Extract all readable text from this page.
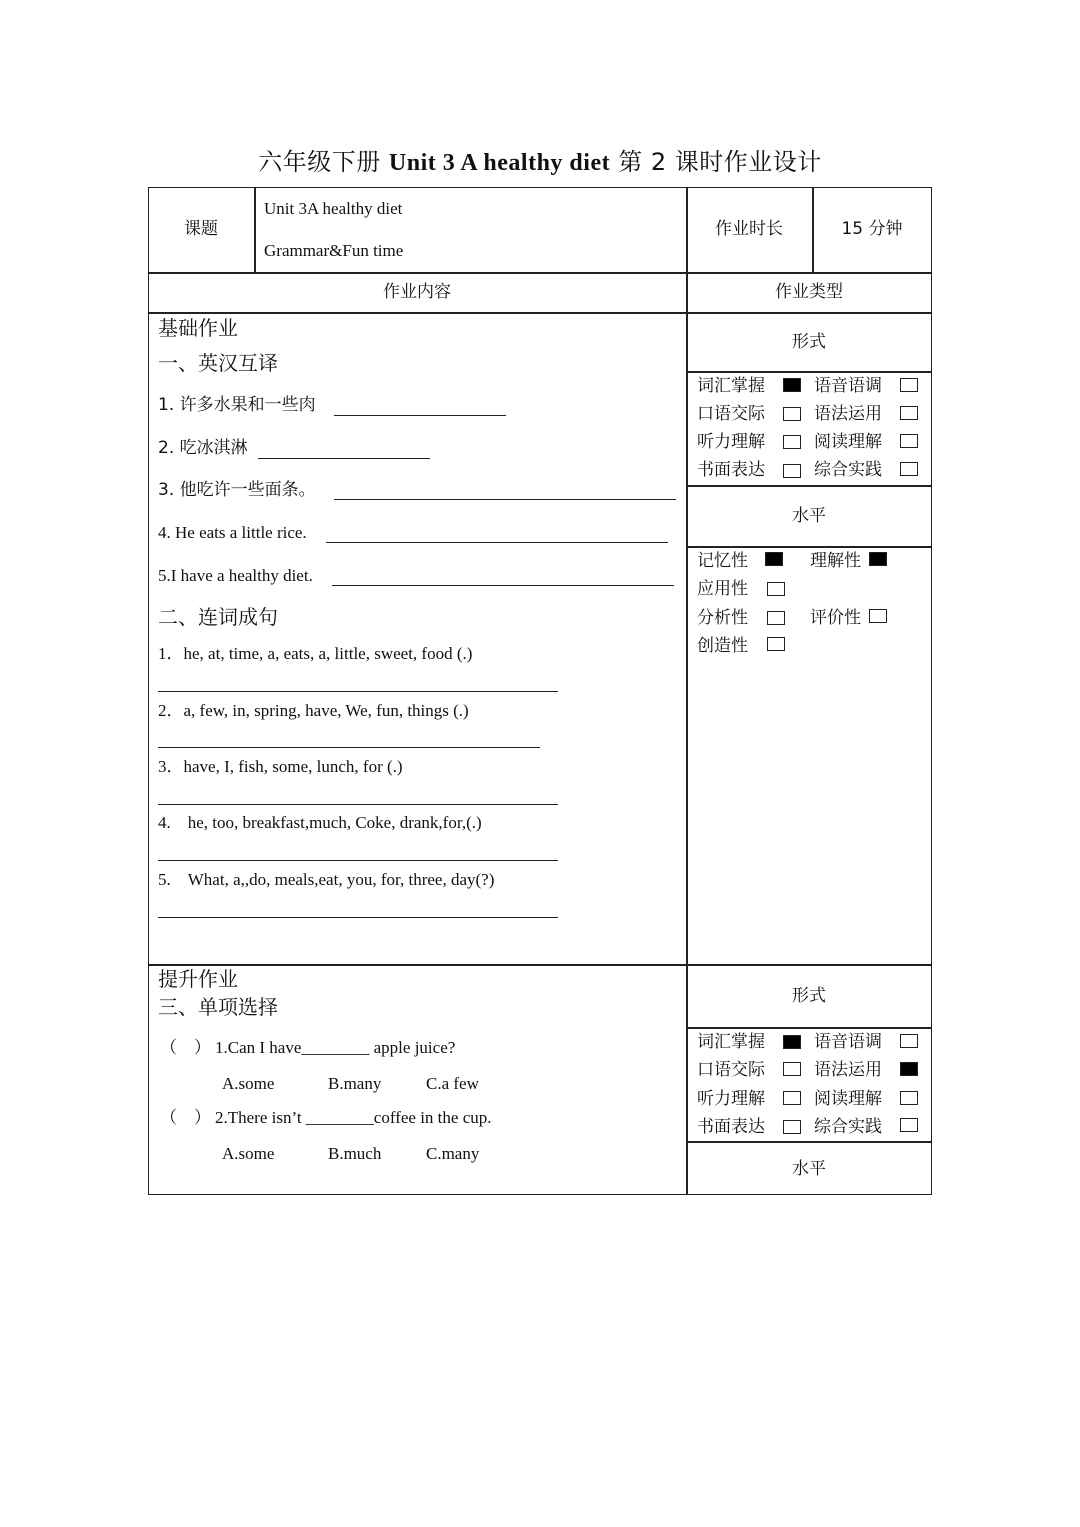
六年级下册 Unit 3 A healthy diet 第 2 课时作业设计
课题
Unit 3A healthy diet
Grammar&Fun time
作业时长	15 分钟
作业内容	作业类型
基础作业
一、英汉互译
1. 许多水果和一些肉
2. 吃冰淇淋
3. 他吃许一些面条。
4. He eats a little rice.
5.I have a healthy diet.
二、连词成句
1．he, at, time, a, eats, a, little, sweet, food (.)
2．a, few, in, spring, have, We, fun, things (.)
3．have, I, fish, some, lunch, for (.)
4.　he, too, breakfast,much, Coke, drank,for,(.)
5.　What, a,,do, meals,eat, you, for, three, day(?)
提升作业
三、单项选择
（　） 1.Can I have________ apple juice?
A.some	B.many	C.a few
（　） 2.There isn’t ________coffee in the cup.
A.some	B.much	C.many
形式
词汇掌握	语音语调
口语交际	语法运用
听力理解	阅读理解
书面表达	综合实践
水平
记忆性	理解性
应用性
分析性	评价性
创造性
形式
词汇掌握	语音语调
口语交际	语法运用
听力理解	阅读理解
书面表达	综合实践
水平
